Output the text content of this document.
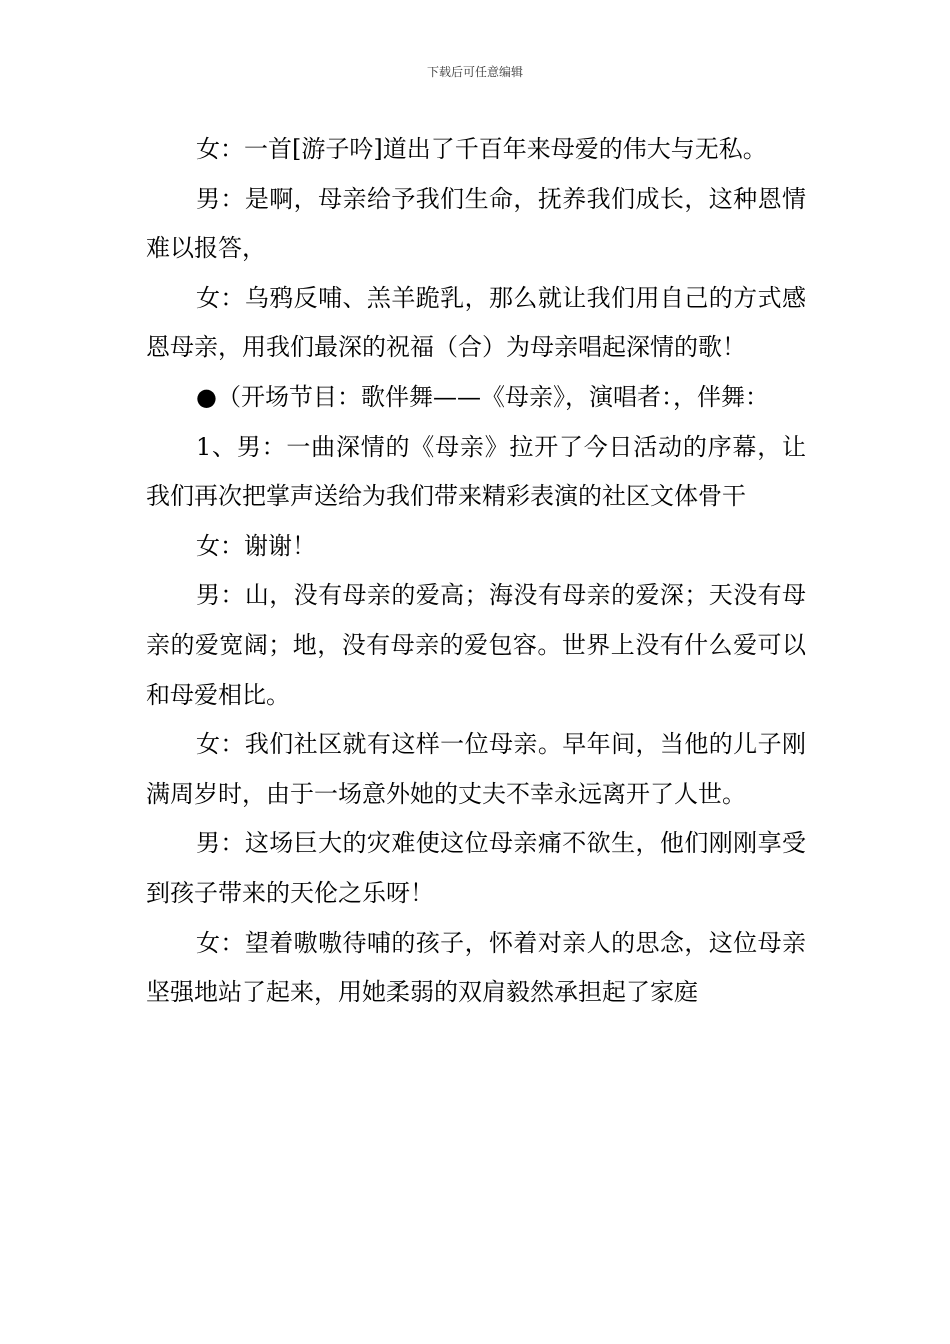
下载后可任意编辑

女：一首[游子吟]道出了千百年来母爱的伟大与无私。

男：是啊，母亲给予我们生命，抚养我们成长，这种恩情难以报答，

女：乌鸦反哺、羔羊跪乳，那么就让我们用自己的方式感恩母亲，用我们最深的祝福（合）为母亲唱起深情的歌！

●（开场节目：歌伴舞——《母亲》，演唱者：，伴舞：

1、男：一曲深情的《母亲》拉开了今日活动的序幕，让我们再次把掌声送给为我们带来精彩表演的社区文体骨干

女：谢谢！

男：山，没有母亲的爱高；海没有母亲的爱深；天没有母亲的爱宽阔；地，没有母亲的爱包容。世界上没有什么爱可以和母爱相比。

女：我们社区就有这样一位母亲。早年间，当他的儿子刚满周岁时，由于一场意外她的丈夫不幸永远离开了人世。

男：这场巨大的灾难使这位母亲痛不欲生，他们刚刚享受到孩子带来的天伦之乐呀！

女：望着嗷嗷待哺的孩子，怀着对亲人的思念，这位母亲坚强地站了起来，用她柔弱的双肩毅然承担起了家庭
